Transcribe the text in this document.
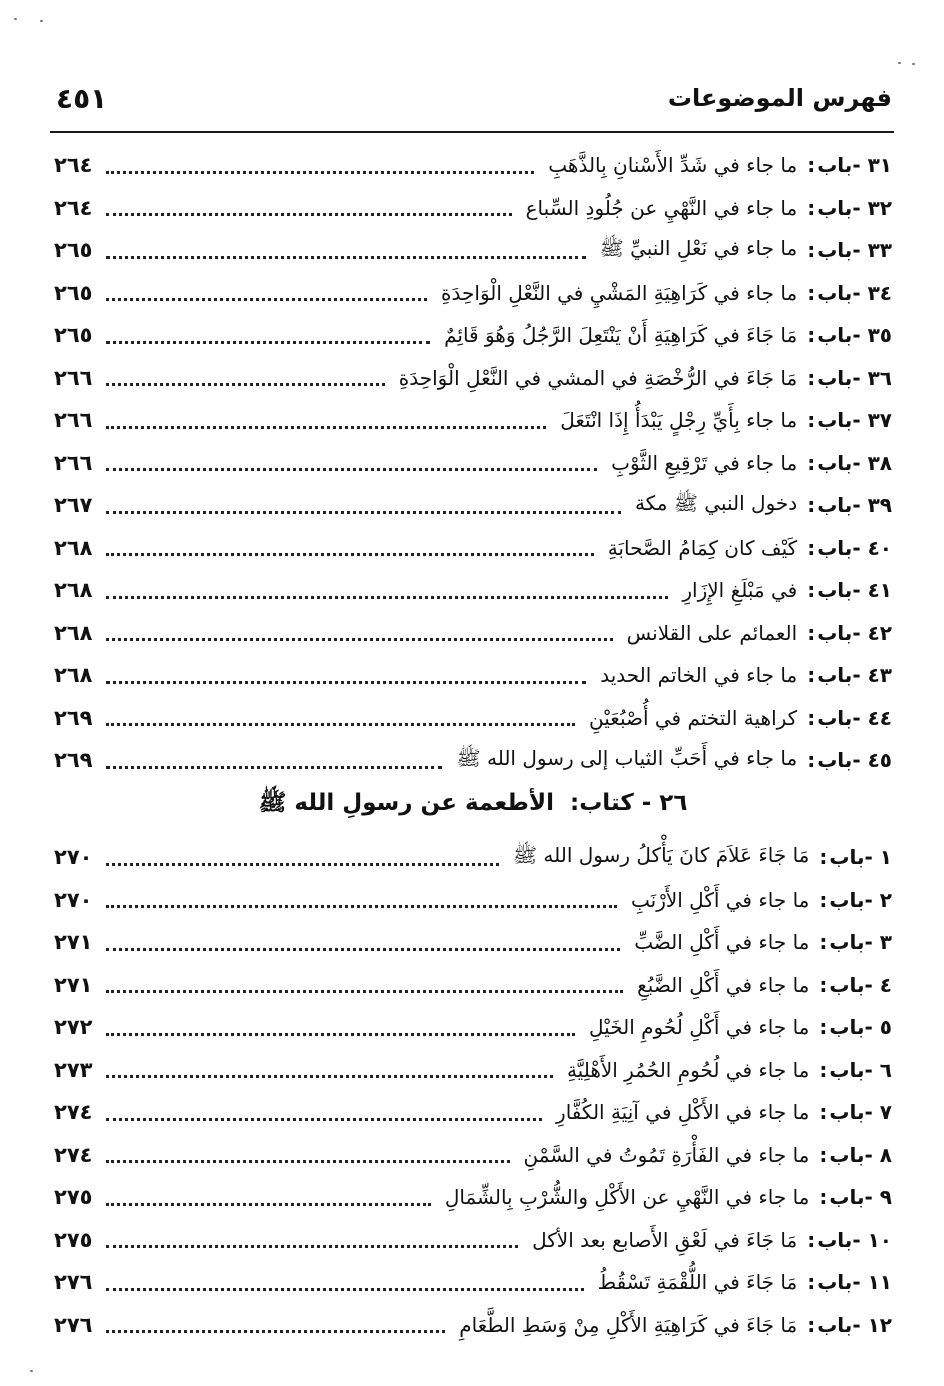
فهرس الموضوعات
٤٥١
٣١ -
باب
:
ما جاء في شَدِّ الأَسْنانِ بِالذَّهَبِ
٢٦٤
٣٢ -
باب
:
ما جاء في النَّهْيِ عن جُلُودِ السِّباع
٢٦٤
٣٣ -
باب
:
ما جاء في نَعْلِ النبيِّ ﷺ
٢٦٥
٣٤ -
باب
:
ما جاء في كَرَاهِيَةِ المَشْيِ في النَّعْلِ الْوَاحِدَةِ
٢٦٥
٣٥ -
باب
:
مَا جَاءَ في كَرَاهِيَةِ أَنْ يَنْتَعِلَ الرَّجُلُ وَهُوَ قَائِمٌ
٢٦٥
٣٦ -
باب
:
مَا جَاءَ في الرُّخْصَةِ في المشي في النَّعْلِ الْوَاحِدَةِ
٢٦٦
٣٧ -
باب
:
ما جاء بِأَيِّ رِجْلٍ يَبْدَأُ إِذَا انْتَعَلَ
٢٦٦
٣٨ -
باب
:
ما جاء في تَرْقِيعِ الثَّوْبِ
٢٦٦
٣٩ -
باب
:
دخول النبي ﷺ مكة
٢٦٧
٤٠ -
باب
:
كَيْف كان كِمَامُ الصَّحابَةِ
٢٦٨
٤١ -
باب
:
في مَبْلَغِ الإِزَارِ
٢٦٨
٤٢ -
باب
:
العمائم على القلانس
٢٦٨
٤٣ -
باب
:
ما جاء في الخاتم الحديد
٢٦٨
٤٤ -
باب
:
كراهية التختم في أُصْبُعَيْنِ
٢٦٩
٤٥ -
باب
:
ما جاء في أَحَبِّ الثياب إلى رسول الله ﷺ
٢٦٩
٢٦ - كتاب: الأطعمة عن رسولِ الله ﷺ
١ -
باب
:
مَا جَاءَ عَلاَمَ كانَ يَأْكلُ رسول الله ﷺ
٢٧٠
٢ -
باب
:
ما جاء في أَكْلِ الأَرْنَبِ
٢٧٠
٣ -
باب
:
ما جاء في أَكْلِ الضَّبِّ
٢٧١
٤ -
باب
:
ما جاء في أَكْلِ الضَّبُعِ
٢٧١
٥ -
باب
:
ما جاء في أَكْلِ لُحُومِ الخَيْلِ
٢٧٢
٦ -
باب
:
ما جاء في لُحُومِ الحُمُرِ الأَهْلِيَّةِ
٢٧٣
٧ -
باب
:
ما جاء في الأَكْلِ في آنِيَةِ الكُفَّارِ
٢٧٤
٨ -
باب
:
ما جاء في الفَأْرَةِ تَمُوتُ في السَّمْنِ
٢٧٤
٩ -
باب
:
ما جاء في النَّهْيِ عن الأَكْلِ والشُّرْبِ بِالشِّمَالِ
٢٧٥
١٠ -
باب
:
مَا جَاءَ في لَعْقِ الأَصابع بعد الأكل
٢٧٥
١١ -
باب
:
مَا جَاءَ في اللُّقْمَةِ تَسْقُطُ
٢٧٦
١٢ -
باب
:
مَا جَاءَ في كَرَاهِيَةِ الأَكْلِ مِنْ وَسَطِ الطَّعَامِ
٢٧٦
